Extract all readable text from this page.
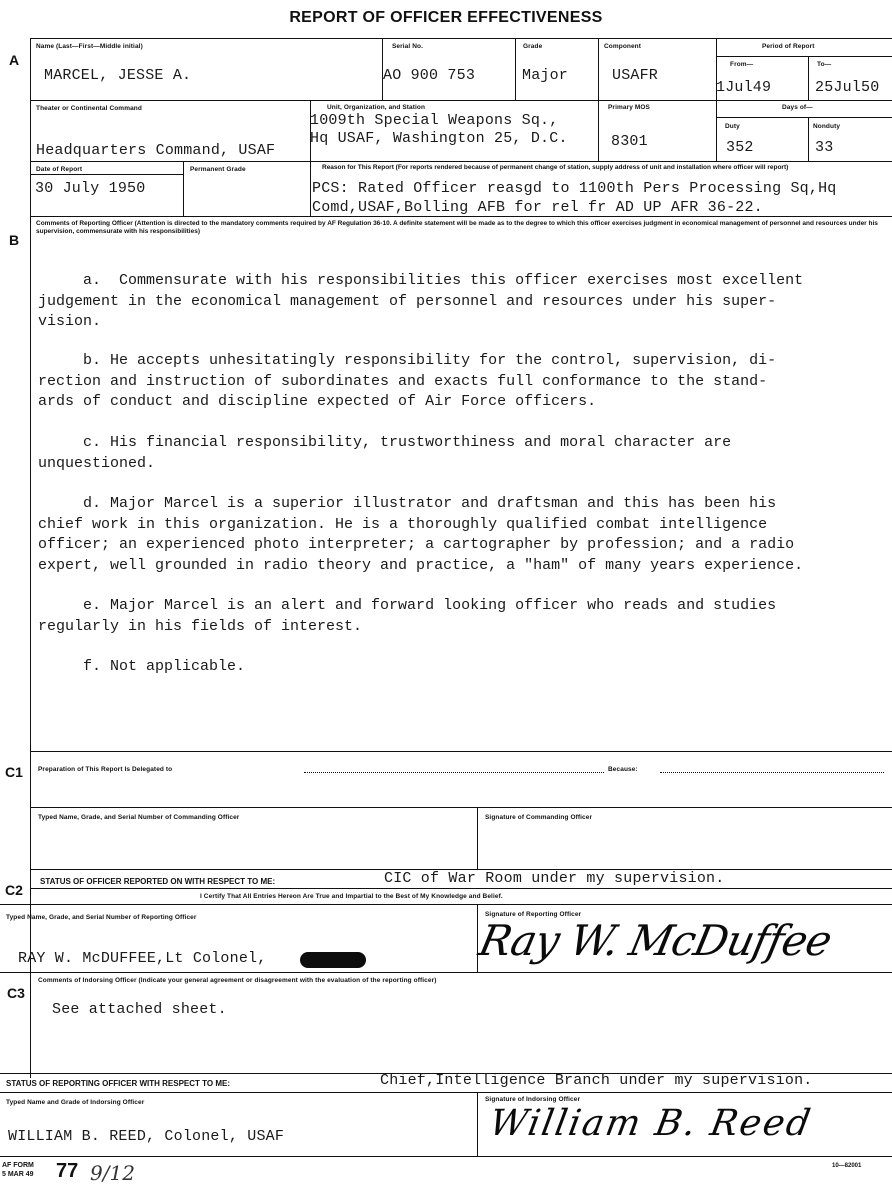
REPORT OF OFFICER EFFECTIVENESS
A
Name (Last—First—Middle initial)
MARCEL, JESSE A.
Serial No.
AO 900 753
Grade
Major
Component
USAFR
Period of Report
From—
1Jul49
To—
25Jul50
Theater or Continental Command
Headquarters Command, USAF
Unit, Organization, and Station
1009th Special Weapons Sq.,
Hq USAF, Washington 25, D.C.
Primary MOS
8301
Days of—
Duty
352
Nonduty
33
Date of Report
30 July 1950
Permanent Grade	Reason for This Report (For reports rendered because of permanent change of station, supply address of unit and installation where officer will report)
PCS: Rated Officer reasgd to 1100th Pers Processing Sq,Hq
Comd,USAF,Bolling AFB for rel fr AD UP AFR 36-22.
B
Comments of Reporting Officer (Attention is directed to the mandatory comments required by AF Regulation 36-10. A definite statement will be made as to the degree to which this officer exercises judgment in economical management of personnel and resources under his supervision, commensurate with his responsibilities)
a.  Commensurate with his responsibilities this officer exercises most excellent
judgement in the economical management of personnel and resources under his super-
vision.
b. He accepts unhesitatingly responsibility for the control, supervision, di-
rection and instruction of subordinates and exacts full conformance to the stand-
ards of conduct and discipline expected of Air Force officers.
c. His financial responsibility, trustworthiness and moral character are
unquestioned.
d. Major Marcel is a superior illustrator and draftsman and this has been his
chief work in this organization. He is a thoroughly qualified combat intelligence
officer; an experienced photo interpreter; a cartographer by profession; and a radio
expert, well grounded in radio theory and practice, a "ham" of many years experience.
e. Major Marcel is an alert and forward looking officer who reads and studies
regularly in his fields of interest.
f. Not applicable.
C1 Preparation of This Report Is Delegated to	Because:
Typed Name, Grade, and Serial Number of Commanding Officer	Signature of Commanding Officer
C2
STATUS OF OFFICER REPORTED ON WITH RESPECT TO ME:	CIC of War Room under my supervision.
I Certify That All Entries Hereon Are True and Impartial to the Best of My Knowledge and Belief.
Typed Name, Grade, and Serial Number of Reporting Officer
RAY W. McDUFFEE,Lt Colonel,
Signature of Reporting Officer
Ray W. McDuffee
C3
Comments of Indorsing Officer (Indicate your general agreement or disagreement with the evaluation of the reporting officer)
See attached sheet.
STATUS OF REPORTING OFFICER WITH RESPECT TO ME:	Chief,Intelligence Branch under my supervision.
Typed Name and Grade of Indorsing Officer
WILLIAM B. REED, Colonel, USAF
Signature of Indorsing Officer
William B. Reed
AF FORM
5 MAR 49 77 9/12	10—82001
